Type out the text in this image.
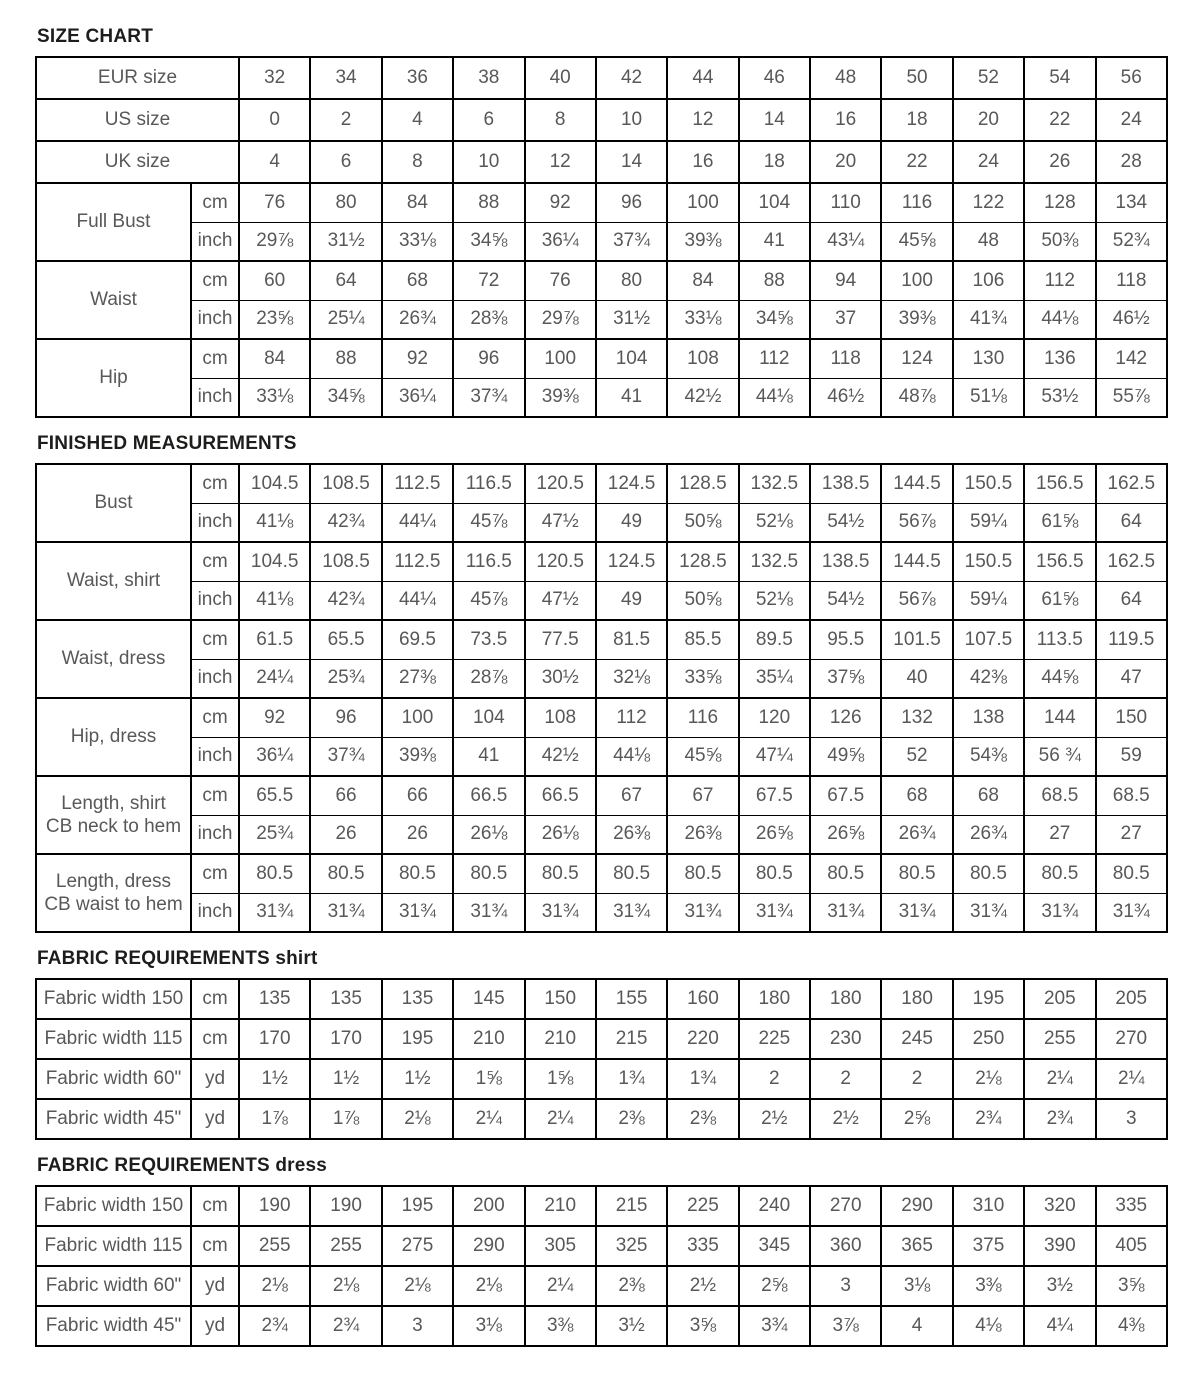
SIZE CHART
EUR size		32	34	36	38	40	42	44	46	48	50	52	54	56
US size		0	2	4	6	8	10	12	14	16	18	20	22	24
UK size		4	6	8	10	12	14	16	18	20	22	24	26	28
Full Bust	cm	76	80	84	88	92	96	100	104	110	116	122	128	134
	inch	29⅞	31½	33⅛	34⅝	36¼	37¾	39⅜	41	43¼	45⅝	48	50⅜	52¾
Waist	cm	60	64	68	72	76	80	84	88	94	100	106	112	118
	inch	23⅝	25¼	26¾	28⅜	29⅞	31½	33⅛	34⅝	37	39⅜	41¾	44⅛	46½
Hip	cm	84	88	92	96	100	104	108	112	118	124	130	136	142
	inch	33⅛	34⅝	36¼	37¾	39⅜	41	42½	44⅛	46½	48⅞	51⅛	53½	55⅞
FINISHED MEASUREMENTS
Bust	cm	104.5	108.5	112.5	116.5	120.5	124.5	128.5	132.5	138.5	144.5	150.5	156.5	162.5
	inch	41⅛	42¾	44¼	45⅞	47½	49	50⅝	52⅛	54½	56⅞	59¼	61⅝	64
Waist, shirt	cm	104.5	108.5	112.5	116.5	120.5	124.5	128.5	132.5	138.5	144.5	150.5	156.5	162.5
	inch	41⅛	42¾	44¼	45⅞	47½	49	50⅝	52⅛	54½	56⅞	59¼	61⅝	64
Waist, dress	cm	61.5	65.5	69.5	73.5	77.5	81.5	85.5	89.5	95.5	101.5	107.5	113.5	119.5
	inch	24¼	25¾	27⅜	28⅞	30½	32⅛	33⅝	35¼	37⅝	40	42⅜	44⅝	47
Hip, dress	cm	92	96	100	104	108	112	116	120	126	132	138	144	150
	inch	36¼	37¾	39⅜	41	42½	44⅛	45⅝	47¼	49⅝	52	54⅜	56 ¾	59
Length, shirt
CB neck to hem	cm	65.5	66	66	66.5	66.5	67	67	67.5	67.5	68	68	68.5	68.5
	inch	25¾	26	26	26⅛	26⅛	26⅜	26⅜	26⅝	26⅝	26¾	26¾	27	27
Length, dress
CB waist to hem	cm	80.5	80.5	80.5	80.5	80.5	80.5	80.5	80.5	80.5	80.5	80.5	80.5	80.5
	inch	31¾	31¾	31¾	31¾	31¾	31¾	31¾	31¾	31¾	31¾	31¾	31¾	31¾
FABRIC REQUIREMENTS shirt
Fabric width 150	cm	135	135	135	145	150	155	160	180	180	180	195	205	205
Fabric width 115	cm	170	170	195	210	210	215	220	225	230	245	250	255	270
Fabric width 60"	yd	1½	1½	1½	1⅝	1⅝	1¾	1¾	2	2	2	2⅛	2¼	2¼
Fabric width 45"	yd	1⅞	1⅞	2⅛	2¼	2¼	2⅜	2⅜	2½	2½	2⅝	2¾	2¾	3
FABRIC REQUIREMENTS dress
Fabric width 150	cm	190	190	195	200	210	215	225	240	270	290	310	320	335
Fabric width 115	cm	255	255	275	290	305	325	335	345	360	365	375	390	405
Fabric width 60"	yd	2⅛	2⅛	2⅛	2⅛	2¼	2⅜	2½	2⅝	3	3⅛	3⅜	3½	3⅝
Fabric width 45"	yd	2¾	2¾	3	3⅛	3⅜	3½	3⅝	3¾	3⅞	4	4⅛	4¼	4⅜
